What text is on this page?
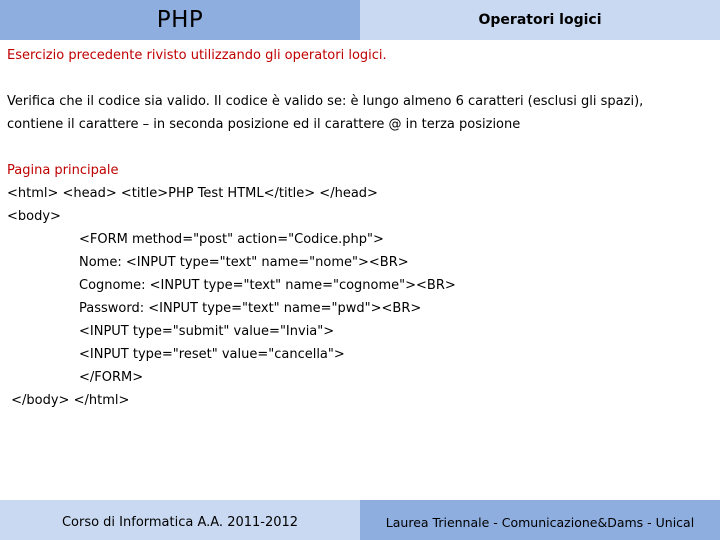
PHP	Operatori logici
Esercizio precedente rivisto utilizzando gli operatori logici.
Verifica che il codice sia valido. Il codice è valido se: è lungo almeno 6 caratteri (esclusi gli spazi),
contiene il carattere – in seconda posizione ed il carattere @ in terza posizione
Pagina principale
<html> <head> <title>PHP Test HTML</title> </head>
<body>
<FORM method="post" action="Codice.php">
Nome: <INPUT type="text" name="nome"><BR>
Cognome: <INPUT type="text" name="cognome"><BR>
Password: <INPUT type="text" name="pwd"><BR>
<INPUT type="submit" value="Invia">
<INPUT type="reset" value="cancella">
</FORM>
</body> </html>
Corso di Informatica A.A. 2011-2012	Laurea Triennale - Comunicazione&Dams - Unical
